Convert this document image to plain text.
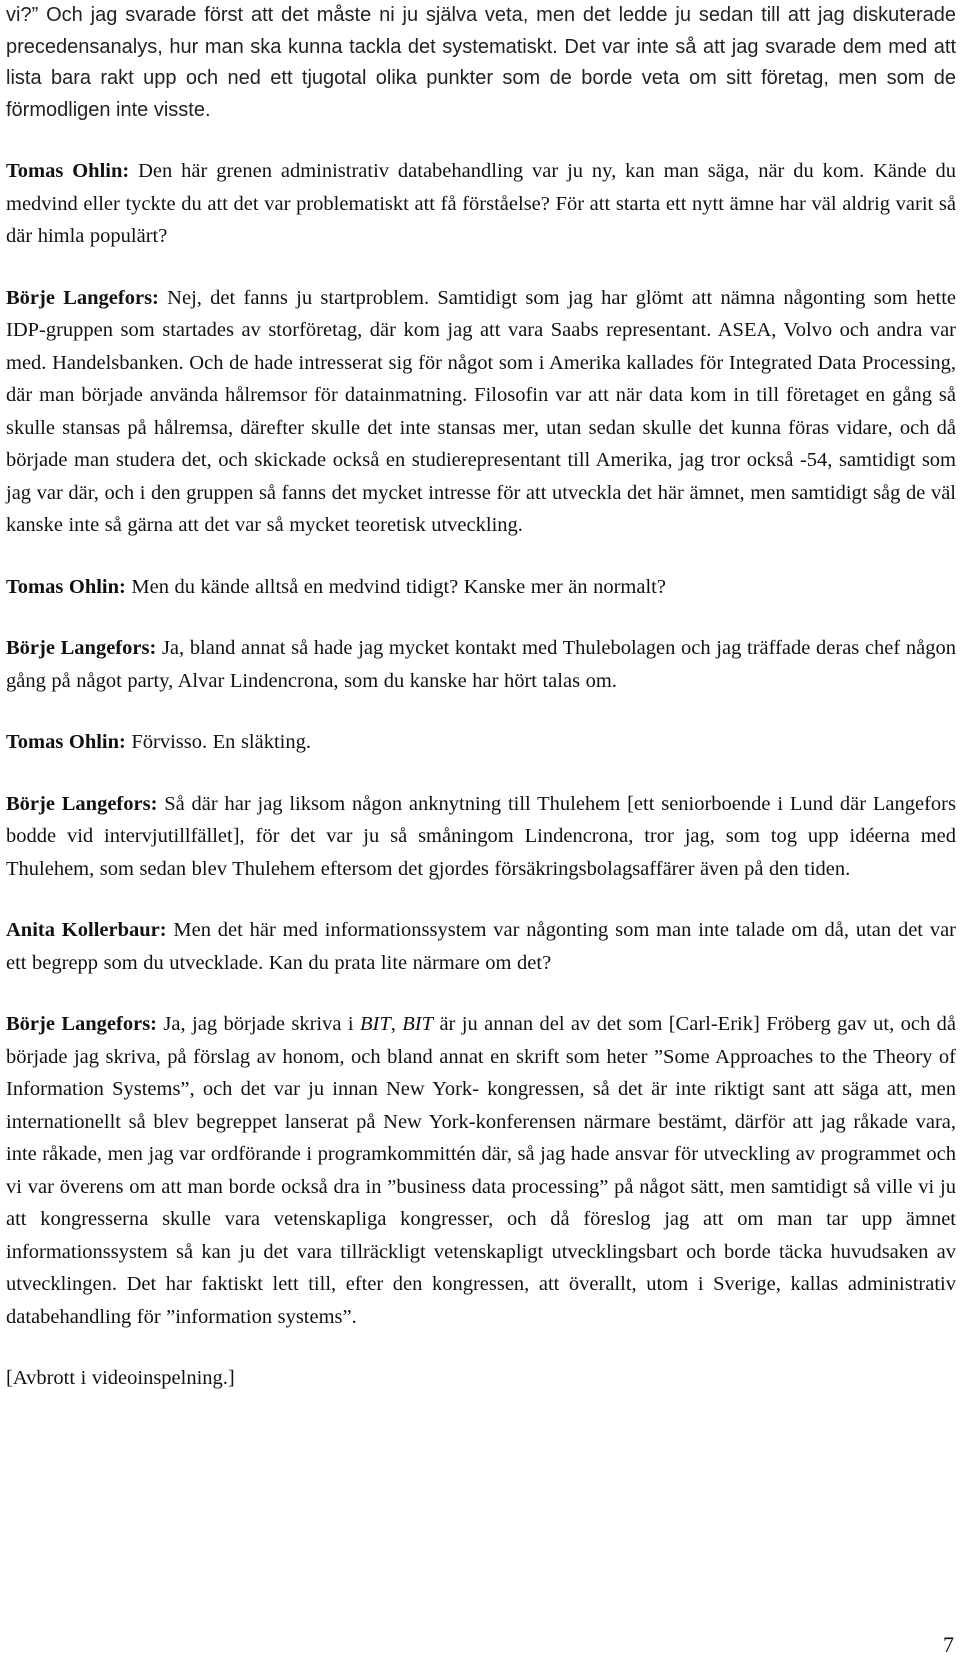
vi?” Och jag svarade först att det måste ni ju själva veta, men det ledde ju sedan till att jag diskuterade precedensanalys, hur man ska kunna tackla det systematiskt. Det var inte så att jag svarade dem med att lista bara rakt upp och ned ett tjugotal olika punkter som de borde veta om sitt företag, men som de förmodligen inte visste.

Tomas Ohlin: Den här grenen administrativ databehandling var ju ny, kan man säga, när du kom. Kände du medvind eller tyckte du att det var problematiskt att få förståelse? För att starta ett nytt ämne har väl aldrig varit så där himla populärt?

Börje Langefors: Nej, det fanns ju startproblem. Samtidigt som jag har glömt att nämna någonting som hette IDP-gruppen som startades av storföretag, där kom jag att vara Saabs representant. ASEA, Volvo och andra var med. Handelsbanken. Och de hade intresserat sig för något som i Amerika kallades för Integrated Data Processing, där man började använda hålremsor för datainmatning. Filosofin var att när data kom in till företaget en gång så skulle stansas på hålremsa, därefter skulle det inte stansas mer, utan sedan skulle det kunna föras vidare, och då började man studera det, och skickade också en studierepresentant till Amerika, jag tror också -54, samtidigt som jag var där, och i den gruppen så fanns det mycket intresse för att utveckla det här ämnet, men samtidigt såg de väl kanske inte så gärna att det var så mycket teoretisk utveckling.

Tomas Ohlin: Men du kände alltså en medvind tidigt? Kanske mer än normalt?

Börje Langefors: Ja, bland annat så hade jag mycket kontakt med Thulebolagen och jag träffade deras chef någon gång på något party, Alvar Lindencrona, som du kanske har hört talas om.

Tomas Ohlin: Förvisso. En släkting.

Börje Langefors: Så där har jag liksom någon anknytning till Thulehem [ett seniorboende i Lund där Langefors bodde vid intervjutillfället], för det var ju så småningom Lindencrona, tror jag, som tog upp idéerna med Thulehem, som sedan blev Thulehem eftersom det gjordes försäkringsbolagsaffärer även på den tiden.

Anita Kollerbaur: Men det här med informationssystem var någonting som man inte talade om då, utan det var ett begrepp som du utvecklade. Kan du prata lite närmare om det?

Börje Langefors: Ja, jag började skriva i BIT, BIT är ju annan del av det som [Carl-Erik] Fröberg gav ut, och då började jag skriva, på förslag av honom, och bland annat en skrift som heter ”Some Approaches to the Theory of Information Systems”, och det var ju innan New York- kongressen, så det är inte riktigt sant att säga att, men internationellt så blev begreppet lanserat på New York-konferensen närmare bestämt, därför att jag råkade vara, inte råkade, men jag var ordförande i programkommittén där, så jag hade ansvar för utveckling av programmet och vi var överens om att man borde också dra in ”business data processing” på något sätt, men samtidigt så ville vi ju att kongresserna skulle vara vetenskapliga kongresser, och då föreslog jag att om man tar upp ämnet informationssystem så kan ju det vara tillräckligt vetenskapligt utvecklingsbart och borde täcka huvudsaken av utvecklingen. Det har faktiskt lett till, efter den kongressen, att överallt, utom i Sverige, kallas administrativ databehandling för ”information systems”.

[Avbrott i videoinspelning.]

7
